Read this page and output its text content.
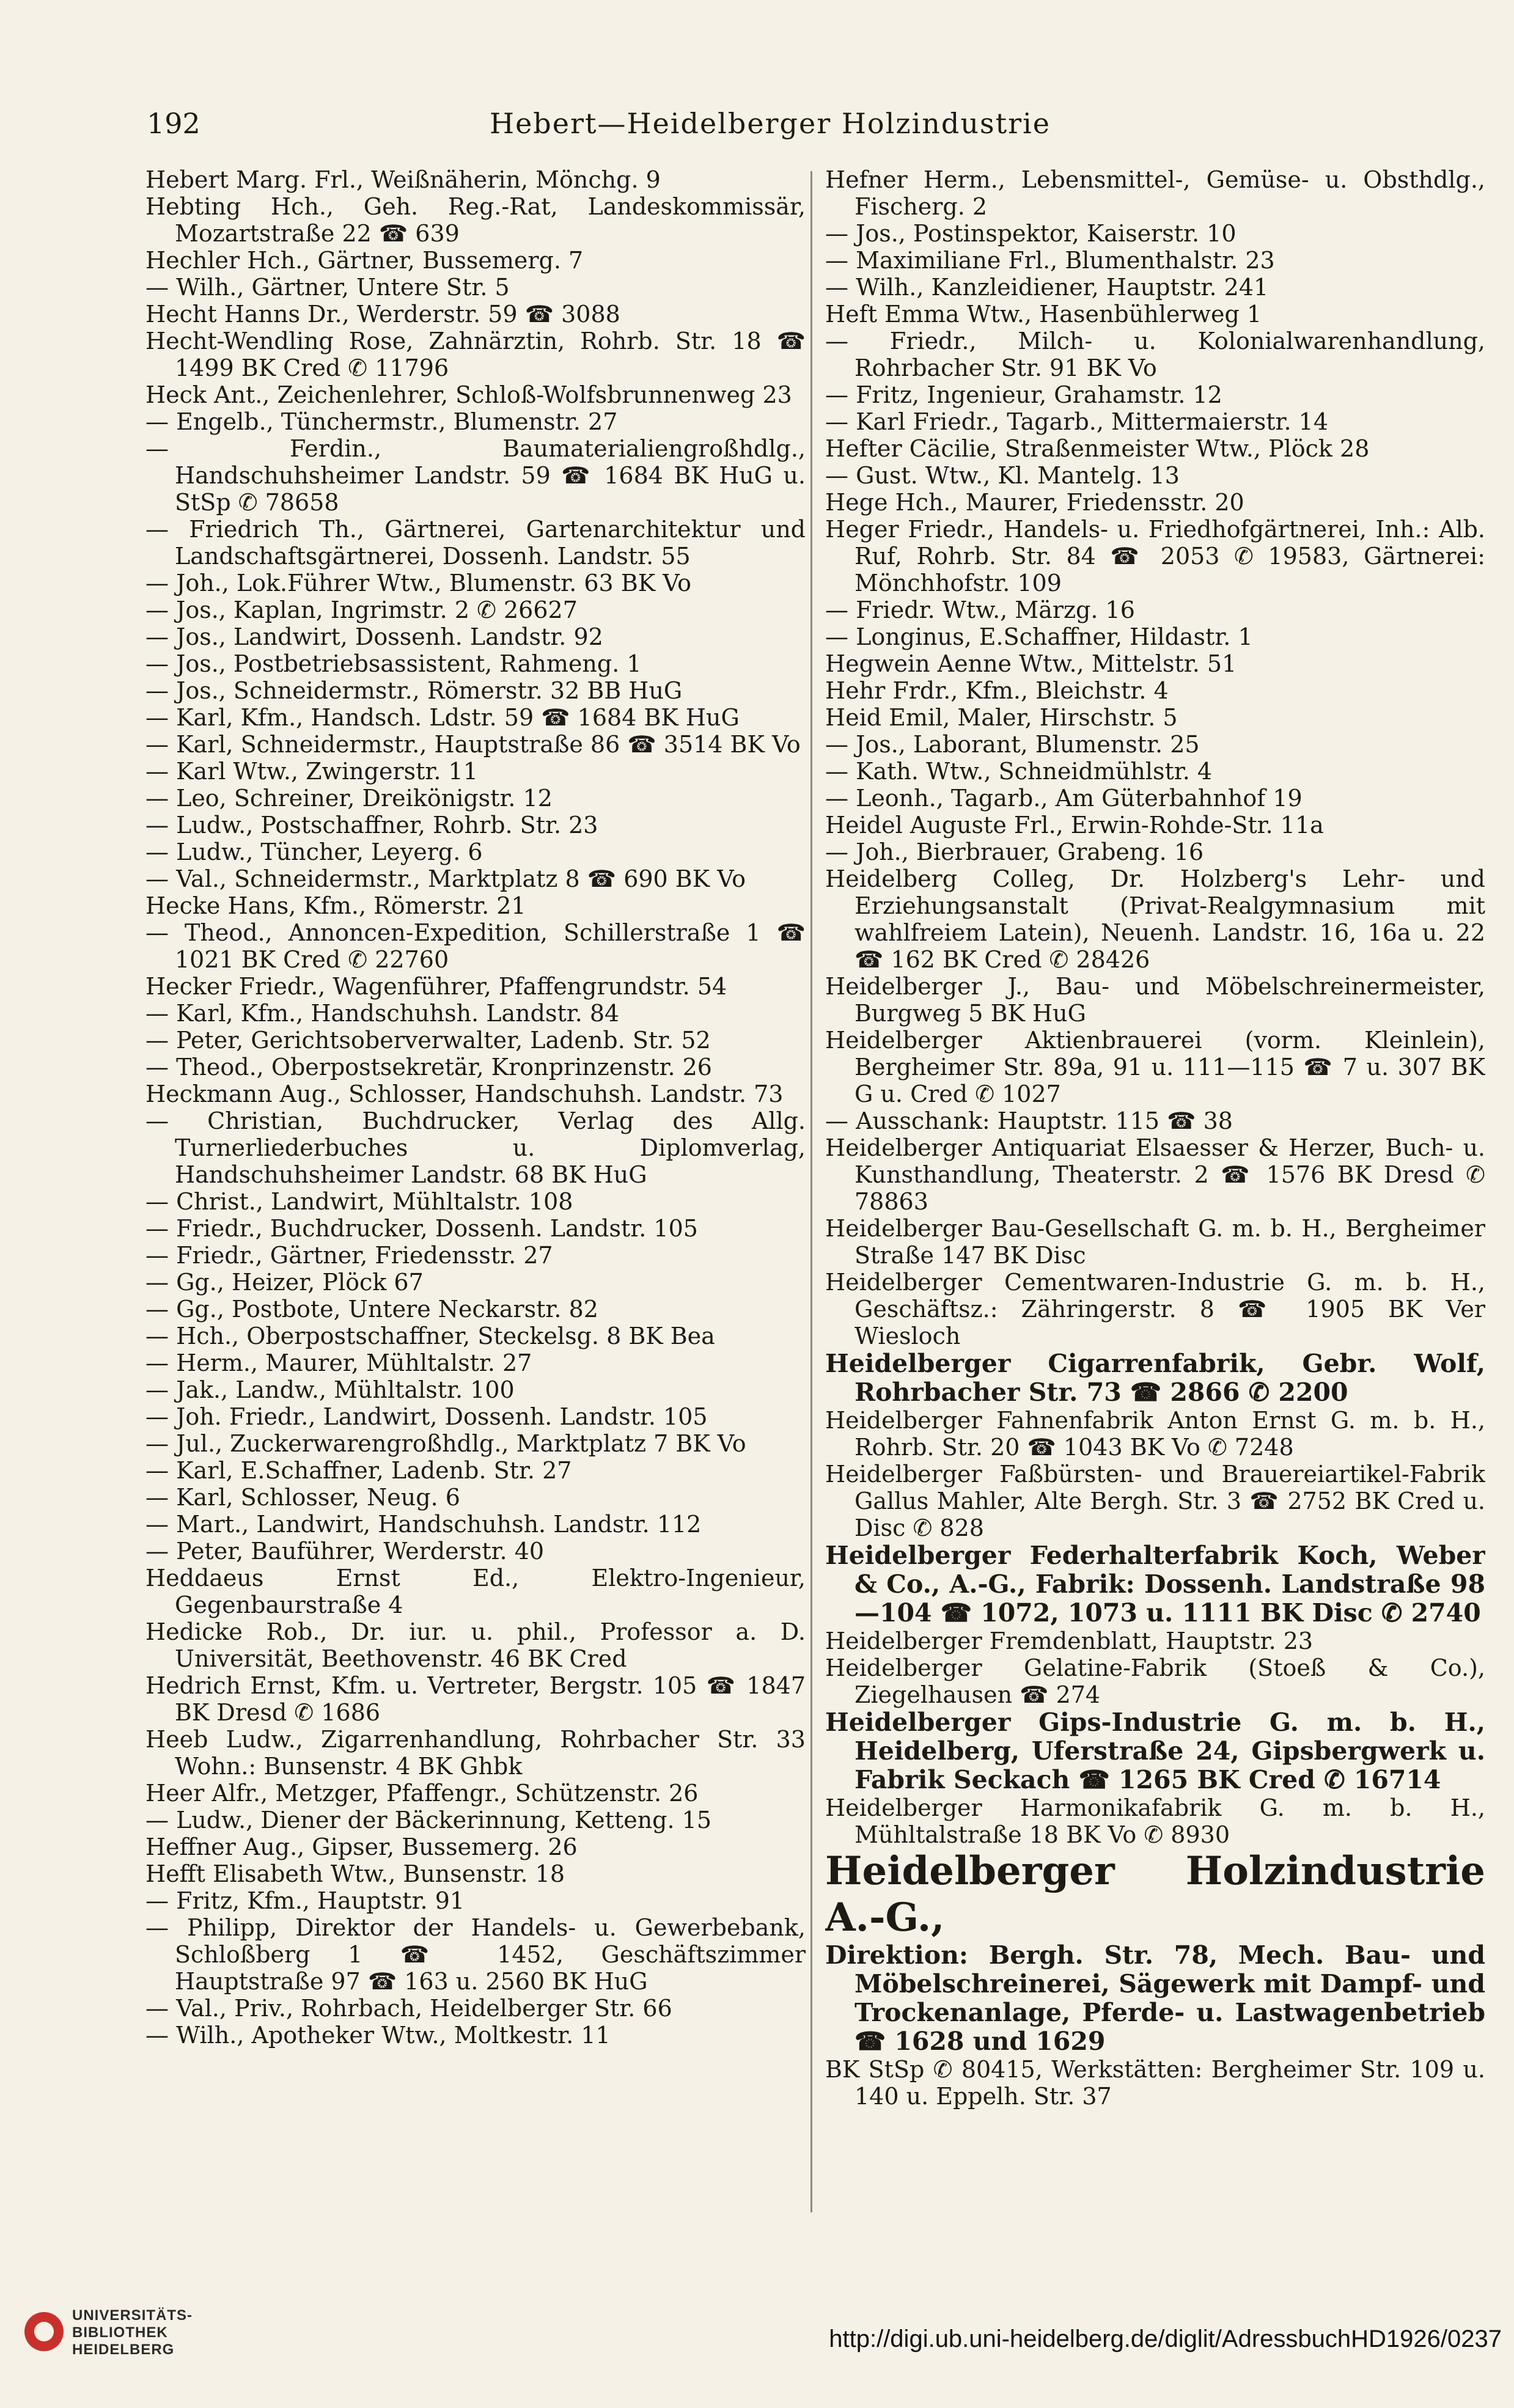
192	Hebert—Heidelberger Holzindustrie
Hebert Marg. Frl., Weißnäherin, Mönchg. 9
Hebting Hch., Geh. Reg.-Rat, Landeskommissär, Mozartstraße 22 ☎ 639
Hechler Hch., Gärtner, Bussemerg. 7
— Wilh., Gärtner, Untere Str. 5
Hecht Hanns Dr., Werderstr. 59 ☎ 3088
Hecht-Wendling Rose, Zahnärztin, Rohrb. Str. 18 ☎ 1499 BK Cred ✆ 11796
Heck Ant., Zeichenlehrer, Schloß-Wolfsbrunnenweg 23
— Engelb., Tünchermstr., Blumenstr. 27
— Ferdin., Baumaterialiengroßhdlg., Handschuhsheimer Landstr. 59 ☎ 1684 BK HuG u. StSp ✆ 78658
— Friedrich Th., Gärtnerei, Gartenarchitektur und Landschaftsgärtnerei, Dossenh. Landstr. 55
— Joh., Lok.Führer Wtw., Blumenstr. 63 BK Vo
— Jos., Kaplan, Ingrimstr. 2 ✆ 26627
— Jos., Landwirt, Dossenh. Landstr. 92
— Jos., Postbetriebsassistent, Rahmeng. 1
— Jos., Schneidermstr., Römerstr. 32 BB HuG
— Karl, Kfm., Handsch. Ldstr. 59 ☎ 1684 BK HuG
— Karl, Schneidermstr., Hauptstraße 86 ☎ 3514 BK Vo
— Karl Wtw., Zwingerstr. 11
— Leo, Schreiner, Dreikönigstr. 12
— Ludw., Postschaffner, Rohrb. Str. 23
— Ludw., Tüncher, Leyerg. 6
— Val., Schneidermstr., Marktplatz 8 ☎ 690 BK Vo
Hecke Hans, Kfm., Römerstr. 21
— Theod., Annoncen-Expedition, Schillerstraße 1 ☎ 1021 BK Cred ✆ 22760
Hecker Friedr., Wagenführer, Pfaffengrundstr. 54
— Karl, Kfm., Handschuhsh. Landstr. 84
— Peter, Gerichtsoberverwalter, Ladenb. Str. 52
— Theod., Oberpostsekretär, Kronprinzenstr. 26
Heckmann Aug., Schlosser, Handschuhsh. Landstr. 73
— Christian, Buchdrucker, Verlag des Allg. Turnerliederbuches u. Diplomverlag, Handschuhsheimer Landstr. 68 BK HuG
— Christ., Landwirt, Mühltalstr. 108
— Friedr., Buchdrucker, Dossenh. Landstr. 105
— Friedr., Gärtner, Friedensstr. 27
— Gg., Heizer, Plöck 67
— Gg., Postbote, Untere Neckarstr. 82
— Hch., Oberpostschaffner, Steckelsg. 8 BK Bea
— Herm., Maurer, Mühltalstr. 27
— Jak., Landw., Mühltalstr. 100
— Joh. Friedr., Landwirt, Dossenh. Landstr. 105
— Jul., Zuckerwarengroßhdlg., Marktplatz 7 BK Vo
— Karl, E.Schaffner, Ladenb. Str. 27
— Karl, Schlosser, Neug. 6
— Mart., Landwirt, Handschuhsh. Landstr. 112
— Peter, Bauführer, Werderstr. 40
Heddaeus Ernst Ed., Elektro-Ingenieur, Gegenbaurstraße 4
Hedicke Rob., Dr. iur. u. phil., Professor a. D. Universität, Beethovenstr. 46 BK Cred
Hedrich Ernst, Kfm. u. Vertreter, Bergstr. 105 ☎ 1847 BK Dresd ✆ 1686
Heeb Ludw., Zigarrenhandlung, Rohrbacher Str. 33 Wohn.: Bunsenstr. 4 BK Ghbk
Heer Alfr., Metzger, Pfaffengr., Schützenstr. 26
— Ludw., Diener der Bäckerinnung, Ketteng. 15
Heffner Aug., Gipser, Bussemerg. 26
Hefft Elisabeth Wtw., Bunsenstr. 18
— Fritz, Kfm., Hauptstr. 91
— Philipp, Direktor der Handels- u. Gewerbebank, Schloßberg 1 ☎ 1452, Geschäftszimmer Hauptstraße 97 ☎ 163 u. 2560 BK HuG
— Val., Priv., Rohrbach, Heidelberger Str. 66
— Wilh., Apotheker Wtw., Moltkestr. 11
Hefner Herm., Lebensmittel-, Gemüse- u. Obsthdlg., Fischerg. 2
— Jos., Postinspektor, Kaiserstr. 10
— Maximiliane Frl., Blumenthalstr. 23
— Wilh., Kanzleidiener, Hauptstr. 241
Heft Emma Wtw., Hasenbühlerweg 1
— Friedr., Milch- u. Kolonialwarenhandlung, Rohrbacher Str. 91 BK Vo
— Fritz, Ingenieur, Grahamstr. 12
— Karl Friedr., Tagarb., Mittermaierstr. 14
Hefter Cäcilie, Straßenmeister Wtw., Plöck 28
— Gust. Wtw., Kl. Mantelg. 13
Hege Hch., Maurer, Friedensstr. 20
Heger Friedr., Handels- u. Friedhofgärtnerei, Inh.: Alb. Ruf, Rohrb. Str. 84 ☎ 2053 ✆ 19583, Gärtnerei: Mönchhofstr. 109
— Friedr. Wtw., Märzg. 16
— Longinus, E.Schaffner, Hildastr. 1
Hegwein Aenne Wtw., Mittelstr. 51
Hehr Frdr., Kfm., Bleichstr. 4
Heid Emil, Maler, Hirschstr. 5
— Jos., Laborant, Blumenstr. 25
— Kath. Wtw., Schneidmühlstr. 4
— Leonh., Tagarb., Am Güterbahnhof 19
Heidel Auguste Frl., Erwin-Rohde-Str. 11a
— Joh., Bierbrauer, Grabeng. 16
Heidelberg Colleg, Dr. Holzberg's Lehr- und Erziehungsanstalt (Privat-Realgymnasium mit wahlfreiem Latein), Neuenh. Landstr. 16, 16a u. 22 ☎ 162 BK Cred ✆ 28426
Heidelberger J., Bau- und Möbelschreinermeister, Burgweg 5 BK HuG
Heidelberger Aktienbrauerei (vorm. Kleinlein), Bergheimer Str. 89a, 91 u. 111—115 ☎ 7 u. 307 BK G u. Cred ✆ 1027
— Ausschank: Hauptstr. 115 ☎ 38
Heidelberger Antiquariat Elsaesser & Herzer, Buch- u. Kunsthandlung, Theaterstr. 2 ☎ 1576 BK Dresd ✆ 78863
Heidelberger Bau-Gesellschaft G. m. b. H., Bergheimer Straße 147 BK Disc
Heidelberger Cementwaren-Industrie G. m. b. H., Geschäftsz.: Zähringerstr. 8 ☎ 1905 BK Ver Wiesloch
Heidelberger Cigarrenfabrik, Gebr. Wolf, Rohrbacher Str. 73 ☎ 2866 ✆ 2200
Heidelberger Fahnenfabrik Anton Ernst G. m. b. H., Rohrb. Str. 20 ☎ 1043 BK Vo ✆ 7248
Heidelberger Faßbürsten- und Brauereiartikel-Fabrik Gallus Mahler, Alte Bergh. Str. 3 ☎ 2752 BK Cred u. Disc ✆ 828
Heidelberger Federhalterfabrik Koch, Weber & Co., A.-G., Fabrik: Dossenh. Landstraße 98—104 ☎ 1072, 1073 u. 1111 BK Disc ✆ 2740
Heidelberger Fremdenblatt, Hauptstr. 23
Heidelberger Gelatine-Fabrik (Stoeß & Co.), Ziegelhausen ☎ 274
Heidelberger Gips-Industrie G. m. b. H., Heidelberg, Uferstraße 24, Gipsbergwerk u. Fabrik Seckach ☎ 1265 BK Cred ✆ 16714
Heidelberger Harmonikafabrik G. m. b. H., Mühltalstraße 18 BK Vo ✆ 8930
Heidelberger Holzindustrie A.-G.,
Direktion: Bergh. Str. 78, Mech. Bau- und Möbelschreinerei, Sägewerk mit Dampf- und Trockenanlage, Pferde- u. Lastwagenbetrieb ☎ 1628 und 1629
BK StSp ✆ 80415, Werkstätten: Bergheimer Str. 109 u. 140 u. Eppelh. Str. 37
UNIVERSITÄTS-
BIBLIOTHEK
HEIDELBERG	http://digi.ub.uni-heidelberg.de/diglit/AdressbuchHD1926/0237
